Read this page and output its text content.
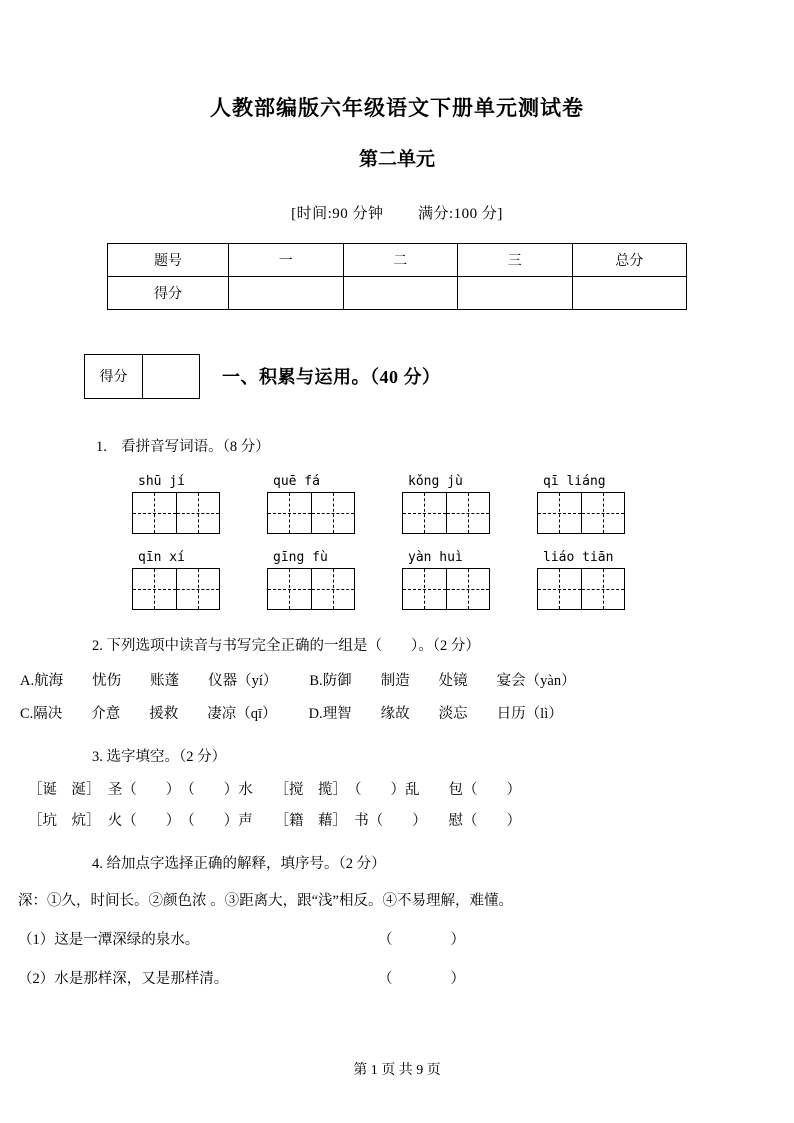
人教部编版六年级语文下册单元测试卷
第二单元

[时间:90 分钟 满分:100 分]

题号	一	二	三	总分
得分				
得分	一、积累与运用。（40 分）
1. 看拼音写词语。（8 分）
shū jí	quē fá	kǒng jù	qī liáng
qīn xí	gīng fù	yàn huì	liáo tiān
2. 下列选项中读音与书写完全正确的一组是（　　）。（2 分）
A.航海　　忧伤　　账蓬　　仪器（yí） B.防御　　制造　　处镜　　宴会（yàn）
C.隔决　　介意　　援救　　凄凉（qī） D.理智　　缘故　　淡忘　　日历（lì）
3. 选字填空。（2 分）
［诞　涎］　圣（　　）　（　　）水　　［搅　揽］　（　　）乱　　包（　　）
［坑　炕］　火（　　）　（　　）声　　［籍　藉］　书（　　）　　慰（　　）
4. 给加点字选择正确的解释，填序号。（2 分）
深：①久，时间长。②颜色浓 。③距离大，跟“浅”相反。④不易理解，难懂。
（1）这是一潭深绿的泉水。	（　　　　）
（2）水是那样深，又是那样清。	（　　　　）
第 1 页 共 9 页
